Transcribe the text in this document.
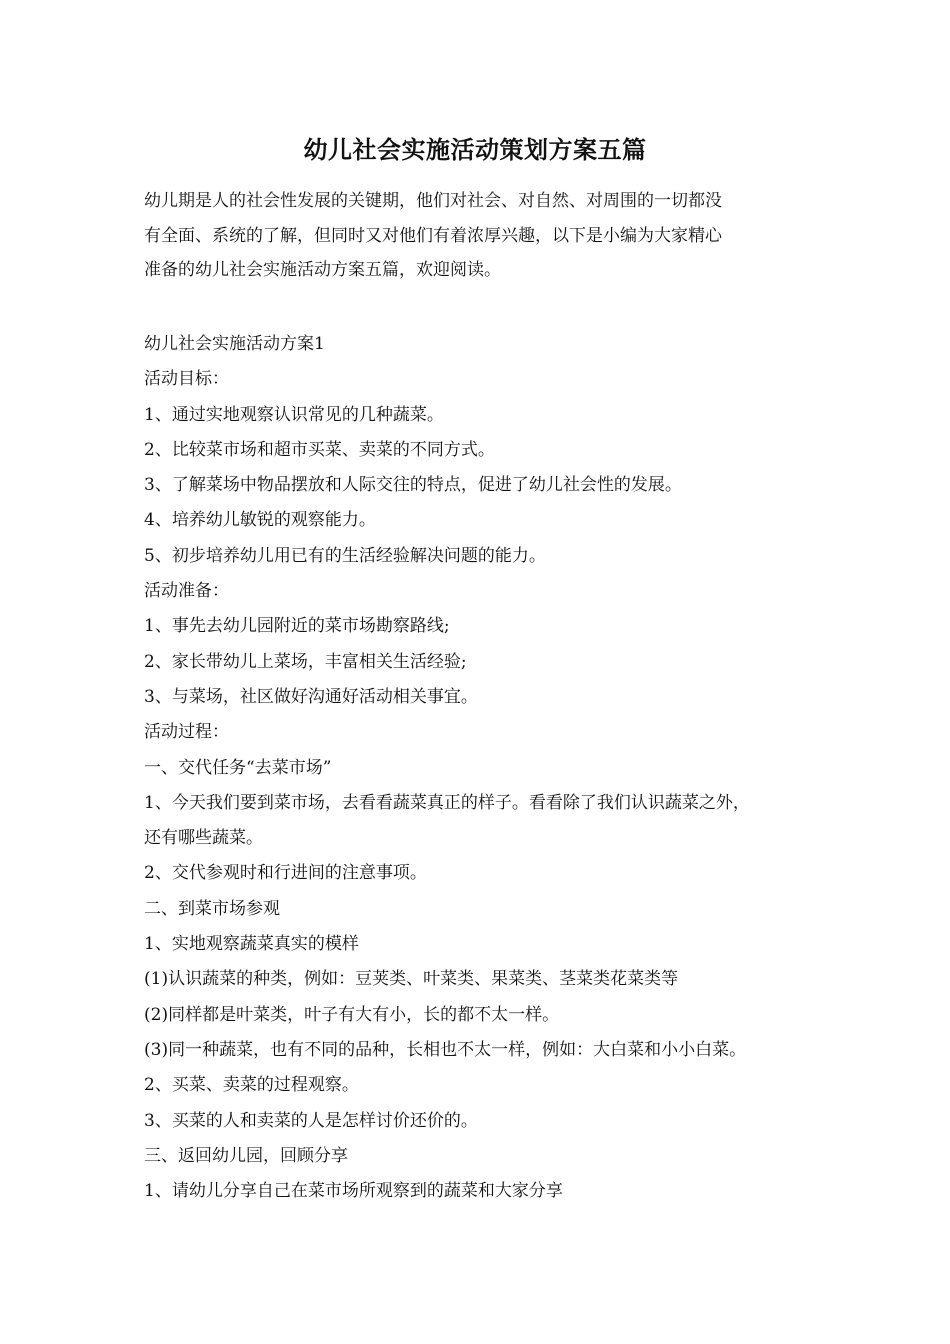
幼儿社会实施活动策划方案五篇

幼儿期是人的社会性发展的关键期，他们对社会、对自然、对周围的一切都没

有全面、系统的了解，但同时又对他们有着浓厚兴趣，以下是小编为大家精心

准备的幼儿社会实施活动方案五篇，欢迎阅读。

幼儿社会实施活动方案1
活动目标：
1、通过实地观察认识常见的几种蔬菜。
2、比较菜市场和超市买菜、卖菜的不同方式。
3、了解菜场中物品摆放和人际交往的特点，促进了幼儿社会性的发展。
4、培养幼儿敏锐的观察能力。
5、初步培养幼儿用已有的生活经验解决问题的能力。
活动准备：
1、事先去幼儿园附近的菜市场勘察路线;
2、家长带幼儿上菜场，丰富相关生活经验;
3、与菜场，社区做好沟通好活动相关事宜。
活动过程：
一、交代任务“去菜市场”
1、今天我们要到菜市场，去看看蔬菜真正的样子。看看除了我们认识蔬菜之外，
还有哪些蔬菜。
2、交代参观时和行进间的注意事项。
二、到菜市场参观
1、实地观察蔬菜真实的模样
(1)认识蔬菜的种类，例如：豆荚类、叶菜类、果菜类、茎菜类花菜类等
(2)同样都是叶菜类，叶子有大有小，长的都不太一样。
(3)同一种蔬菜，也有不同的品种，长相也不太一样，例如：大白菜和小小白菜。
2、买菜、卖菜的过程观察。
3、买菜的人和卖菜的人是怎样讨价还价的。
三、返回幼儿园，回顾分享
1、请幼儿分享自己在菜市场所观察到的蔬菜和大家分享
